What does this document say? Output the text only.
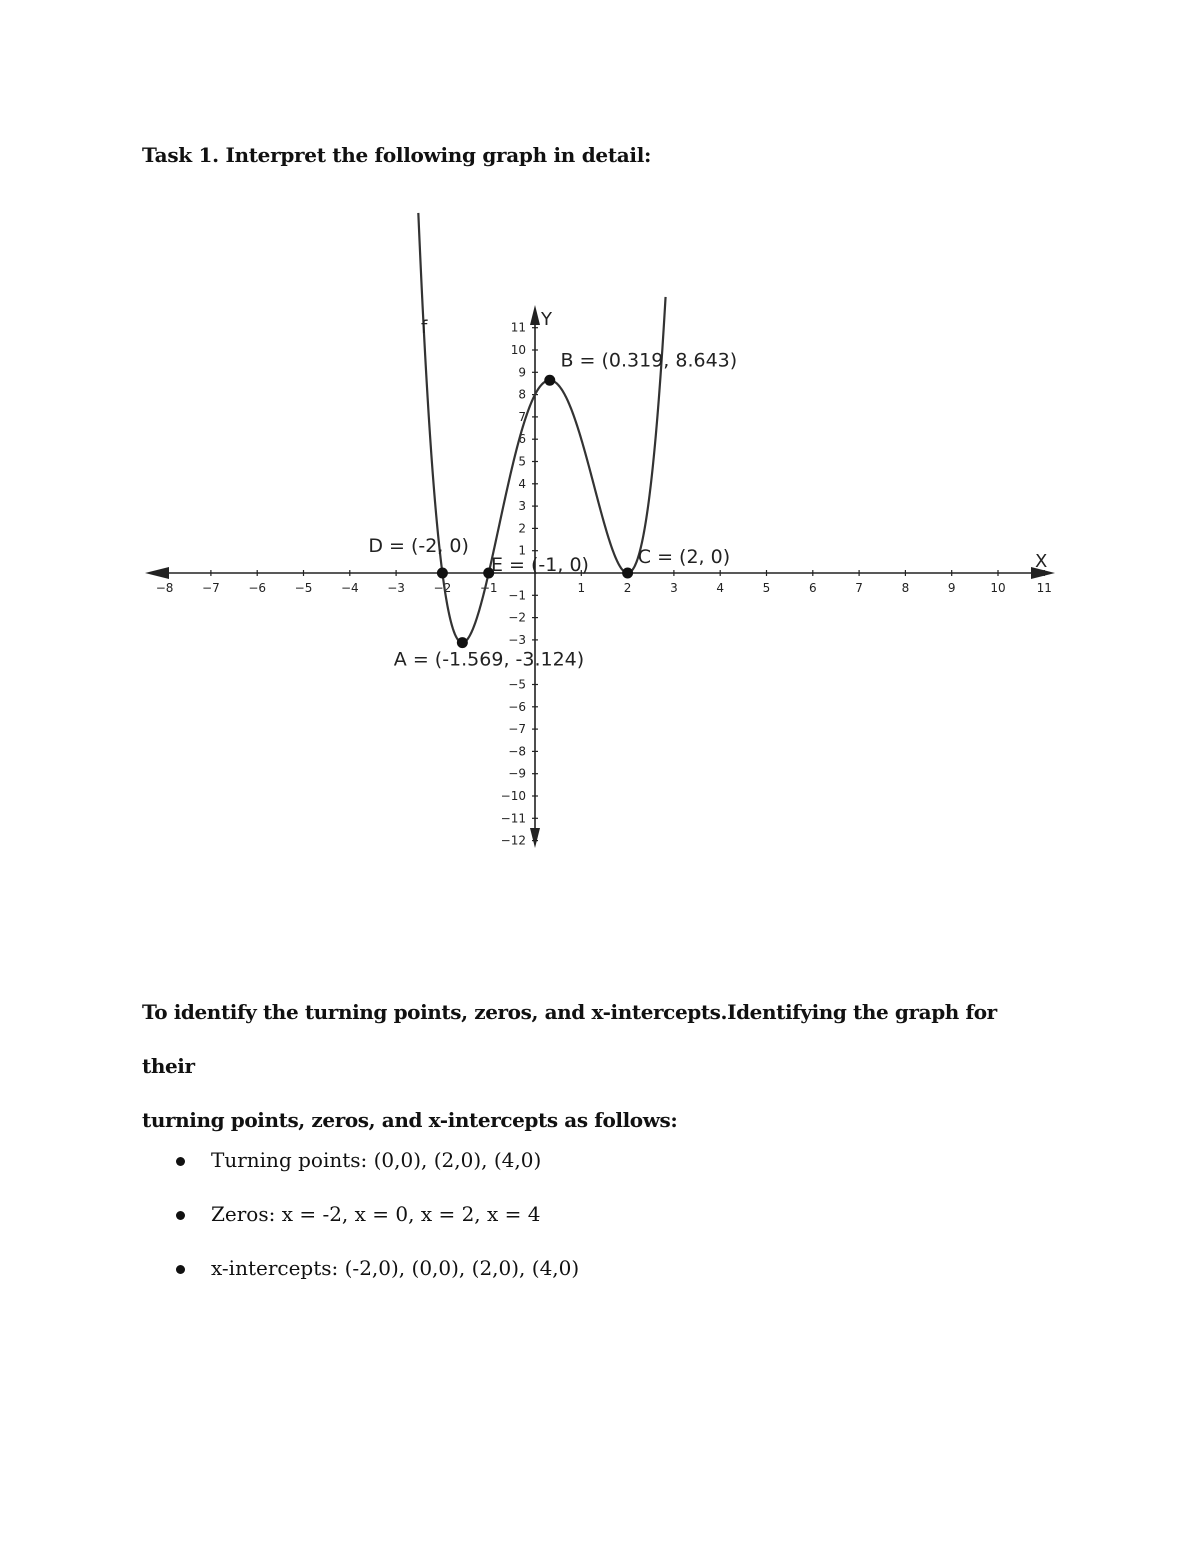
Task 1. Interpret the following graph in detail:
−8 −7 −6 −5 −4 −3 −2 −1	1	2	3	4	5	6	7	8	9	10	11
−12
−11
−10
−9
−8
−7
−6
−5
−3
−2
−1
1
2
3
4
5
6
7
8
9
10
11
A = (-1.569, -3.124)
B = (0.319, 8.643)
C = (2, 0)
D = (-2, 0)
E = (-1, 0)	X
Y
f
To identify the turning points, zeros, and x-intercepts.Identifying the graph for their
turning points, zeros, and x-intercepts as follows:
Turning points: (0,0), (2,0), (4,0)
Zeros: x = -2, x = 0, x = 2, x = 4
x-intercepts: (-2,0), (0,0), (2,0), (4,0)
